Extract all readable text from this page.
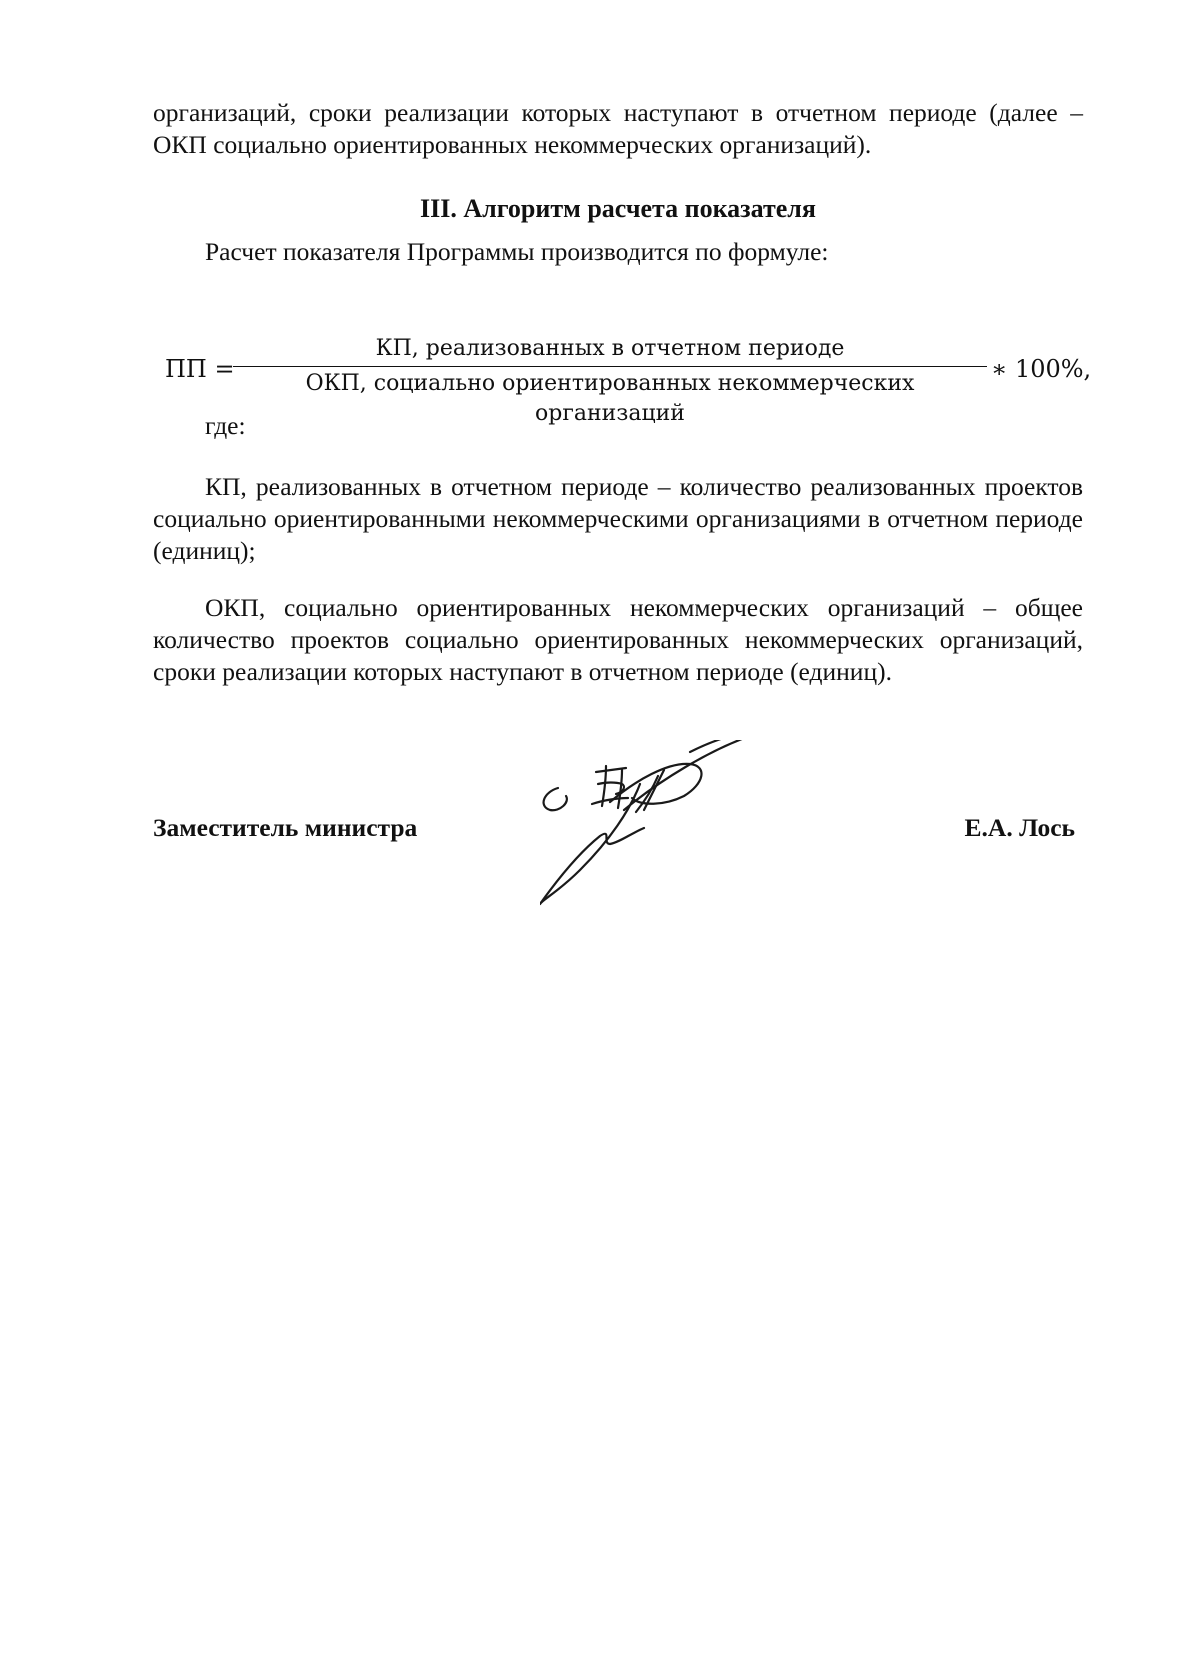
организаций, сроки реализации которых наступают в отчетном периоде (далее – ОКП социально ориентированных некоммерческих организаций).
III. Алгоритм расчета показателя
Расчет показателя Программы производится по формуле:
ПП =
КП, реализованных в отчетном периоде
ОКП, социально ориентированных некоммерческих организаций
∗ 100%,
где:
КП, реализованных в отчетном периоде – количество реализованных проектов социально ориентированными некоммерческими организациями в отчетном периоде (единиц);
ОКП, социально ориентированных некоммерческих организаций – общее количество проектов социально ориентированных некоммерческих организаций, сроки реализации которых наступают в отчетном периоде (единиц).
Заместитель министра	Е.А. Лось
